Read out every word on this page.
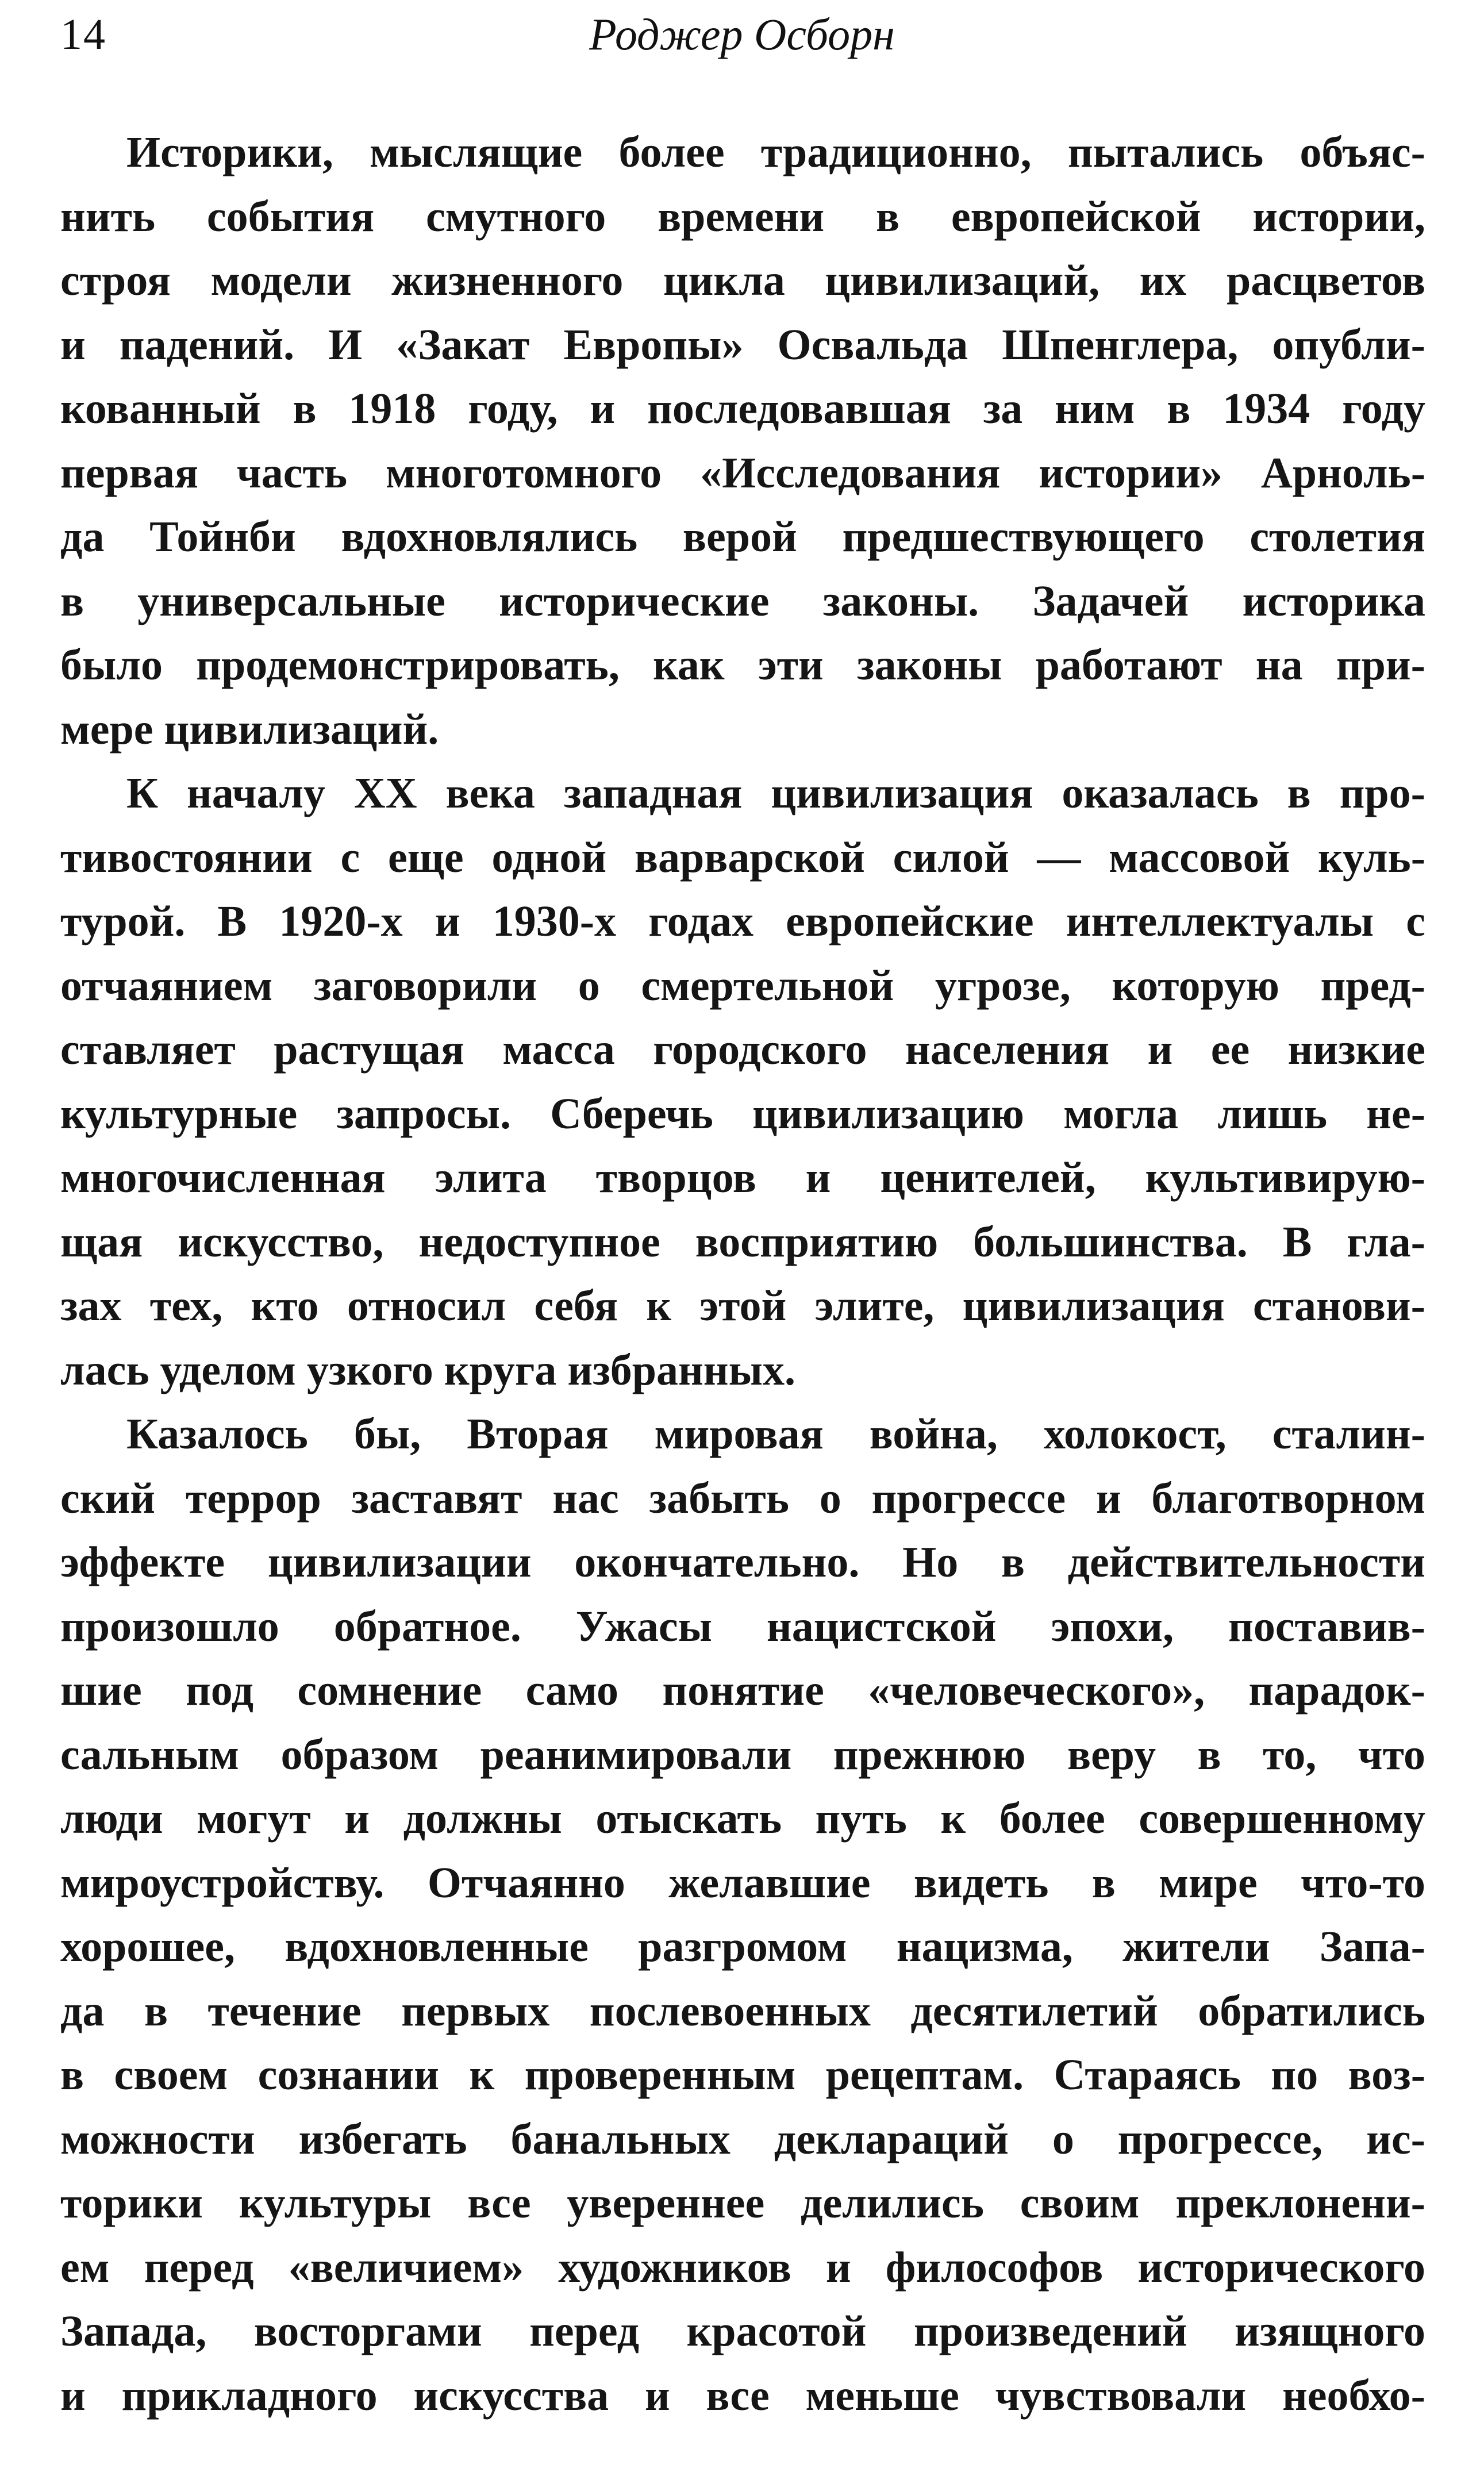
14	Роджер Осборн
Историки, мыслящие более традиционно, пытались объяс-
нить события смутного времени в европейской истории,
строя модели жизненного цикла цивилизаций, их расцветов
и падений. И «Закат Европы» Освальда Шпенглера, опубли-
кованный в 1918 году, и последовавшая за ним в 1934 году
первая часть многотомного «Исследования истории» Арноль-
да Тойнби вдохновлялись верой предшествующего столетия
в универсальные исторические законы. Задачей историка
было продемонстрировать, как эти законы работают на при-
мере цивилизаций.
К началу XX века западная цивилизация оказалась в про-
тивостоянии с еще одной варварской силой — массовой куль-
турой. В 1920-х и 1930-х годах европейские интеллектуалы с
отчаянием заговорили о смертельной угрозе, которую пред-
ставляет растущая масса городского населения и ее низкие
культурные запросы. Сберечь цивилизацию могла лишь не-
многочисленная элита творцов и ценителей, культивирую-
щая искусство, недоступное восприятию большинства. В гла-
зах тех, кто относил себя к этой элите, цивилизация станови-
лась уделом узкого круга избранных.
Казалось бы, Вторая мировая война, холокост, сталин-
ский террор заставят нас забыть о прогрессе и благотворном
эффекте цивилизации окончательно. Но в действительности
произошло обратное. Ужасы нацистской эпохи, поставив-
шие под сомнение само понятие «человеческого», парадок-
сальным образом реанимировали прежнюю веру в то, что
люди могут и должны отыскать путь к более совершенному
мироустройству. Отчаянно желавшие видеть в мире что-то
хорошее, вдохновленные разгромом нацизма, жители Запа-
да в течение первых послевоенных десятилетий обратились
в своем сознании к проверенным рецептам. Стараясь по воз-
можности избегать банальных деклараций о прогрессе, ис-
торики культуры все увереннее делились своим преклонени-
ем перед «величием» художников и философов исторического
Запада, восторгами перед красотой произведений изящного
и прикладного искусства и все меньше чувствовали необхо-
